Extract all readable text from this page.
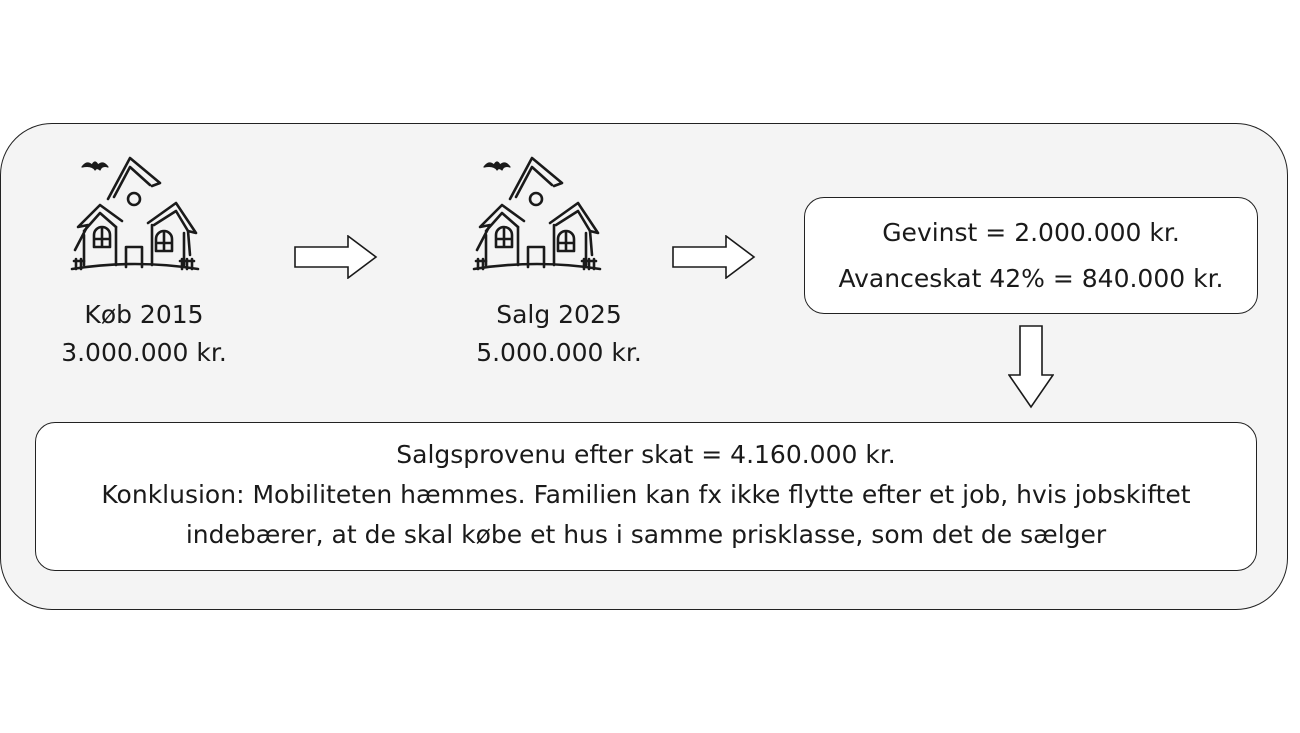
Køb 2015
3.000.000 kr.
Salg 2025
5.000.000 kr.
Gevinst = 2.000.000 kr.
Avanceskat 42% = 840.000 kr.
Salgsprovenu efter skat = 4.160.000 kr.
Konklusion: Mobiliteten hæmmes. Familien kan fx ikke flytte efter et job, hvis jobskiftet
indebærer, at de skal købe et hus i samme prisklasse, som det de sælger
